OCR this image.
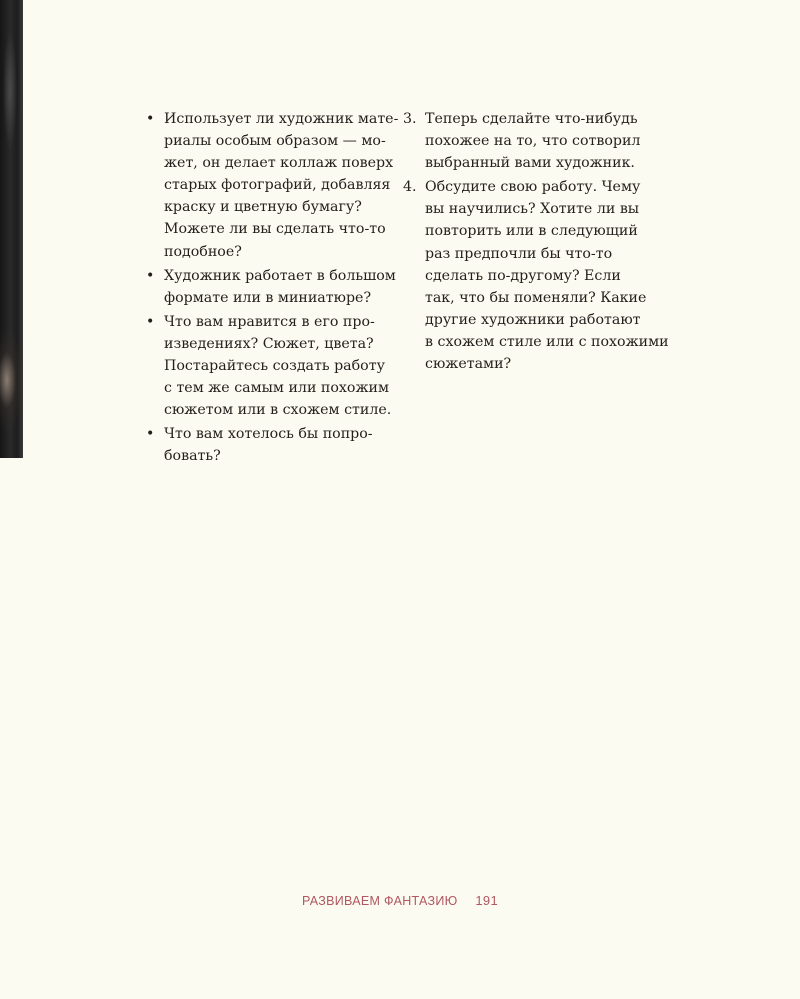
• Использует ли художник мате-
риалы особым образом — мо-
жет, он делает коллаж поверх
старых фотографий, добавляя
краску и цветную бумагу?
Можете ли вы сделать что-то
подобное?
• Художник работает в большом
формате или в миниатюре?
• Что вам нравится в его про-
изведениях? Сюжет, цвета?
Постарайтесь создать работу
с тем же самым или похожим
сюжетом или в схожем стиле.
• Что вам хотелось бы попро-
бовать?
3. Теперь сделайте что-нибудь
похожее на то, что сотворил
выбранный вами художник.
4. Обсудите свою работу. Чему
вы научились? Хотите ли вы
повторить или в следующий
раз предпочли бы что-то
сделать по-другому? Если
так, что бы поменяли? Какие
другие художники работают
в схожем стиле или с похожими
сюжетами?
РАЗВИВАЕМ ФАНТАЗИЮ 191
